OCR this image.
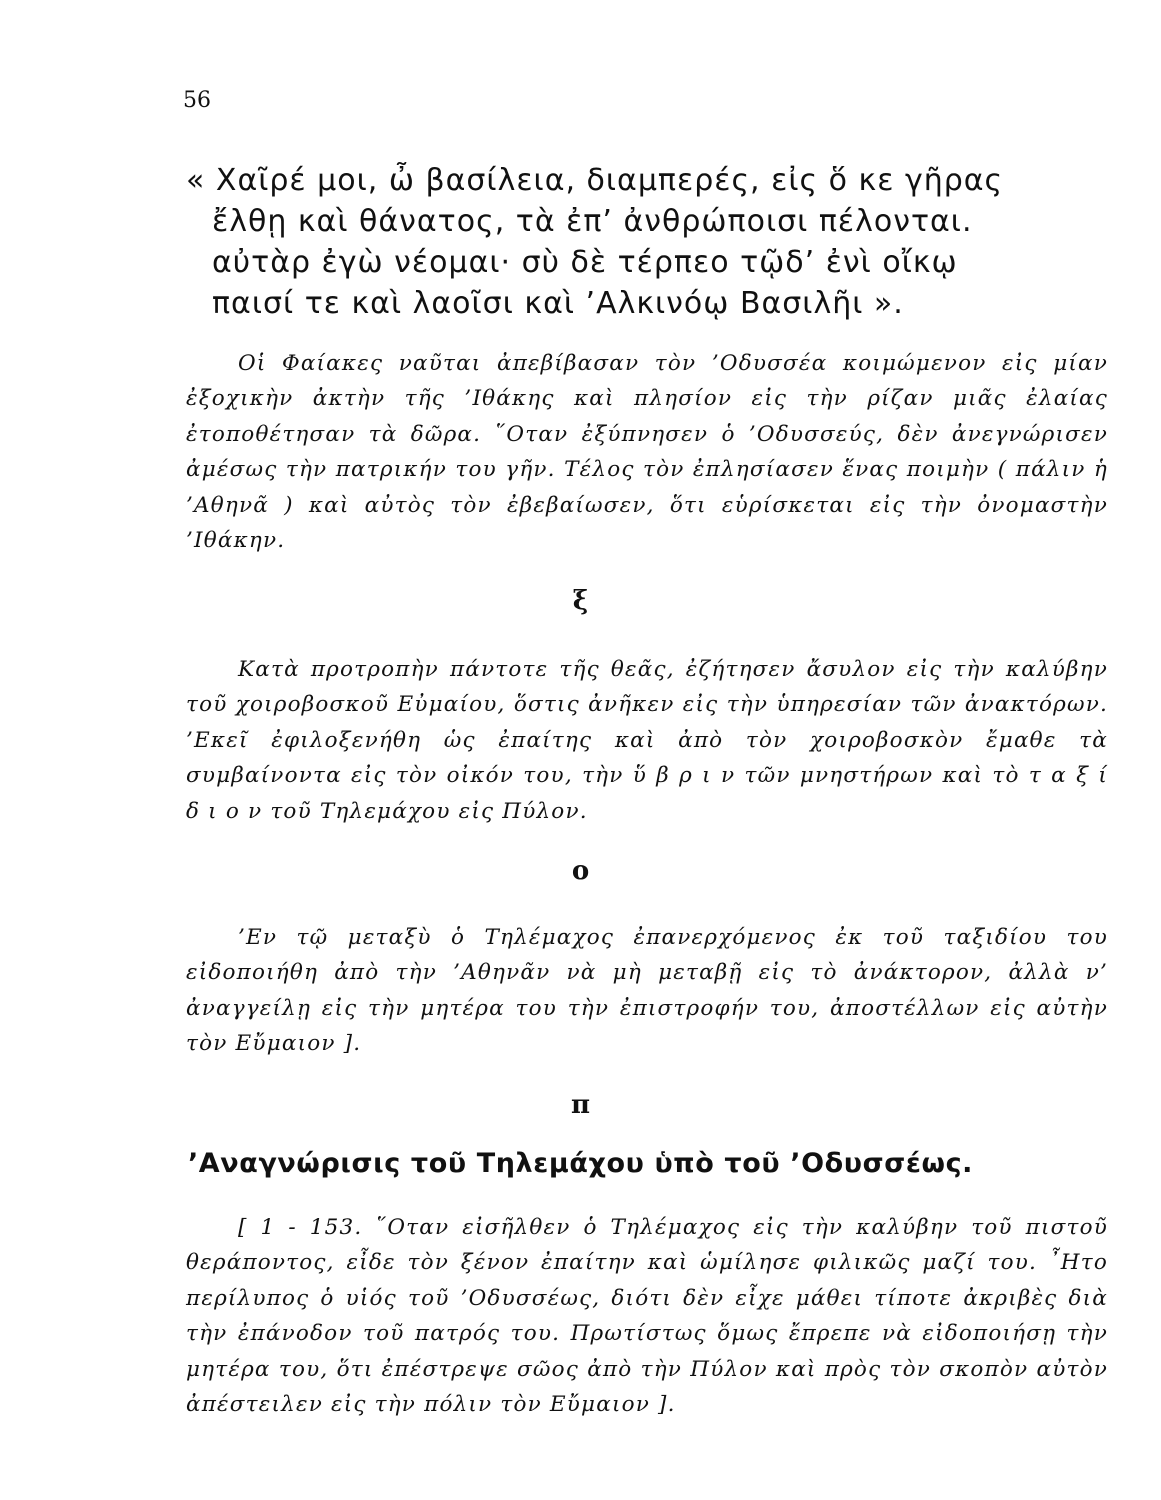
56
« Χαῖρέ μοι, ὦ βασίλεια, διαμπερές, εἰς ὅ κε γῆρας
ἔλθῃ καὶ θάνατος, τὰ ἐπ’ ἀνθρώποισι πέλονται.
αὐτὰρ ἐγὼ νέομαι· σὺ δὲ τέρπεο τῷδ’ ἐνὶ οἴκῳ
παισί τε καὶ λαοῖσι καὶ ’Αλκινόῳ Βασιλῆι ».

Οἱ Φαίακες ναῦται ἀπεβίβασαν τὸν ’Οδυσσέα κοιμώμενον εἰς μίαν ἐξοχικὴν ἀκτὴν τῆς ’Ιθάκης καὶ πλησίον εἰς τὴν ρίζαν μιᾶς ἐλαίας ἐτοποθέτησαν τὰ δῶρα. ῞Οταν ἐξύπνησεν ὁ ’Οδυσσεύς, δὲν ἀνεγνώρισεν ἀμέσως τὴν πατρικήν του γῆν. Τέλος τὸν ἐπλησίασεν ἕνας ποιμὴν ( πάλιν ἡ ’Αθηνᾶ ) καὶ αὐτὸς τὸν ἐβεβαίωσεν, ὅτι εὑρίσκεται εἰς τὴν ὀνομαστὴν ’Ιθάκην.

ξ

Κατὰ προτροπὴν πάντοτε τῆς θεᾶς, ἐζήτησεν ἄσυλον εἰς τὴν καλύβην τοῦ χοιροβοσκοῦ Εὐμαίου, ὅστις ἀνῆκεν εἰς τὴν ὑπηρεσίαν τῶν ἀνακτόρων. ’Εκεῖ ἐφιλοξενήθη ὡς ἐπαίτης καὶ ἀπὸ τὸν χοιροβοσκὸν ἔμαθε τὰ συμβαίνοντα εἰς τὸν οἰκόν του, τὴν ὕ β ρ ι ν τῶν μνηστήρων καὶ τὸ τ α ξ ί δ ι ο ν τοῦ Τηλεμάχου εἰς Πύλον.

ο

’Εν τῷ μεταξὺ ὁ Τηλέμαχος ἐπανερχόμενος ἐκ τοῦ ταξιδίου του εἰδοποιήθη ἀπὸ τὴν ’Αθηνᾶν νὰ μὴ μεταβῇ εἰς τὸ ἀνάκτορον, ἀλλὰ ν’ ἀναγγείλῃ εἰς τὴν μητέρα του τὴν ἐπιστροφήν του, ἀποστέλλων εἰς αὐτὴν τὸν Εὔμαιον ].

π
’Αναγνώρισις τοῦ Τηλεμάχου ὑπὸ τοῦ ’Οδυσσέως.

[ 1 - 153. ῞Οταν εἰσῆλθεν ὁ Τηλέμαχος εἰς τὴν καλύβην τοῦ πιστοῦ θεράποντος, εἶδε τὸν ξένον ἐπαίτην καὶ ὡμίλησε φιλικῶς μαζί του. ῏Ητο περίλυπος ὁ υἱός τοῦ ’Οδυσσέως, διότι δὲν εἶχε μάθει τίποτε ἀκριβὲς διὰ τὴν ἐπάνοδον τοῦ πατρός του. Πρωτίστως ὅμως ἔπρεπε νὰ εἰδοποιήσῃ τὴν μητέρα του, ὅτι ἐπέστρεψε σῶος ἀπὸ τὴν Πύλον καὶ πρὸς τὸν σκοπὸν αὐτὸν ἀπέστειλεν εἰς τὴν πόλιν τὸν Εὔμαιον ].
